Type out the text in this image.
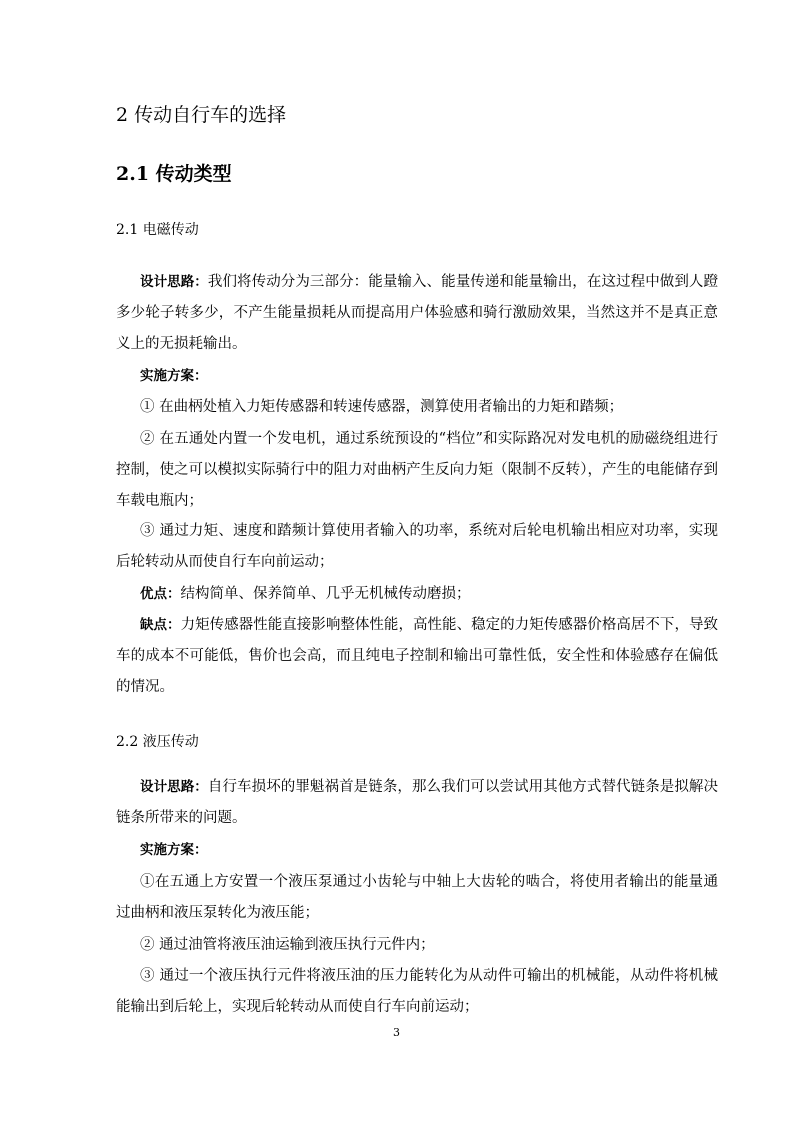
2 传动自行车的选择
2.1 传动类型
2.1 电磁传动

设计思路：我们将传动分为三部分：能量输入、能量传递和能量输出，在这过程中做到人蹬多少轮子转多少，不产生能量损耗从而提高用户体验感和骑行激励效果，当然这并不是真正意义上的无损耗输出。

实施方案：

① 在曲柄处植入力矩传感器和转速传感器，测算使用者输出的力矩和踏频；

② 在五通处内置一个发电机，通过系统预设的“档位”和实际路况对发电机的励磁绕组进行控制，使之可以模拟实际骑行中的阻力对曲柄产生反向力矩（限制不反转），产生的电能储存到车载电瓶内；

③ 通过力矩、速度和踏频计算使用者输入的功率，系统对后轮电机输出相应对功率，实现后轮转动从而使自行车向前运动；

优点：结构简单、保养简单、几乎无机械传动磨损；

缺点：力矩传感器性能直接影响整体性能，高性能、稳定的力矩传感器价格高居不下，导致车的成本不可能低，售价也会高，而且纯电子控制和输出可靠性低，安全性和体验感存在偏低的情况。

2.2 液压传动

设计思路：自行车损坏的罪魁祸首是链条，那么我们可以尝试用其他方式替代链条是拟解决链条所带来的问题。

实施方案：

①在五通上方安置一个液压泵通过小齿轮与中轴上大齿轮的啮合，将使用者输出的能量通过曲柄和液压泵转化为液压能；

② 通过油管将液压油运输到液压执行元件内；

③ 通过一个液压执行元件将液压油的压力能转化为从动件可输出的机械能，从动件将机械能输出到后轮上，实现后轮转动从而使自行车向前运动；

3
